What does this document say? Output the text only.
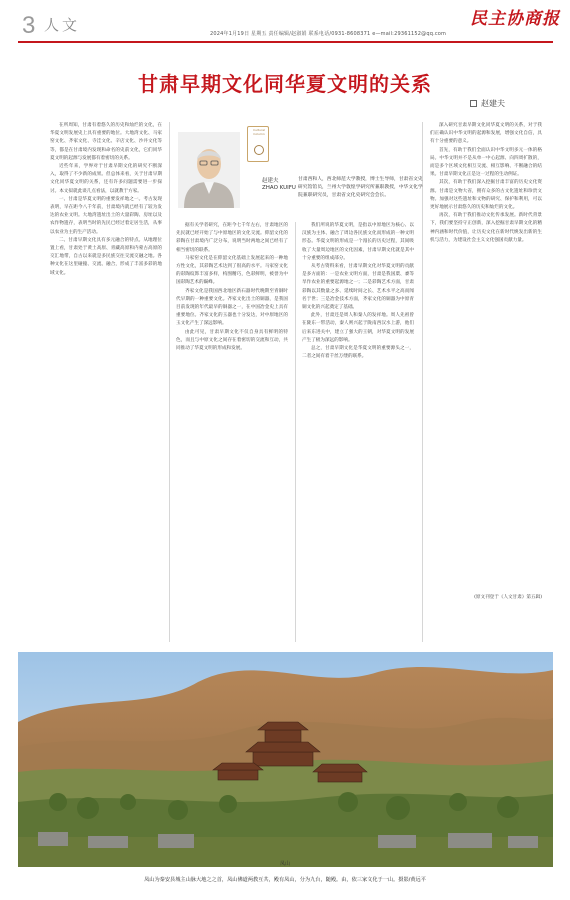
3 人文	2024年1月19日 星期五 责任编辑/赵淑娟 联系电话/0931-8608371 e—mail:29361152@qq.com
民主协商报
甘肃早期文化同华夏文明的关系
赵建夫
Cultural Column
赵建夫
ZHAO KUIFU
甘肃西和人，西北师范大学教授，博士生导师，甘肃省文史研究馆馆员，兰州大学敦煌学研究所兼职教授，中华文化学院兼职研究员，甘肃省文化史研究会会长。

在所周知，甘肃有着悠久的历史和灿烂的文化，在华夏文明发展史上具有重要的地位。大地湾文化、马家窑文化、齐家文化、寺洼文化、辛店文化、沙井文化等等，都是在甘肃境内发现和命名的史前文化，它们同华夏文明的起源与发展都有着密切的关系。

近些年来，学界对于甘肃早期文化的研究不断深入，取得了不少新的成果。但总体来看，关于甘肃早期文化同华夏文明的关系，还有许多问题需要进一步探讨。本文拟就此谈几点看法，以就教于方家。

一、甘肃是华夏文明的重要发祥地之一。考古发现表明，早在距今八千年前，甘肃境内就已经有了较为发达的农业文明。大地湾遗址出土的大量彩陶、房址以及农作物遗存，表明当时的先民已经过着定居生活，从事以农业为主的生产活动。

二、甘肃早期文化具有多元融合的特点。从地理位置上看，甘肃处于黄土高原、青藏高原和内蒙古高原的交汇地带，自古以来就是多民族交往交流交融之地。各种文化在这里碰撞、交流、融合，形成了丰富多彩的地域文化。

据有关学者研究，在距今七千年左右，甘肃地区的先民就已经开始了与中原地区的文化交流。仰韶文化的彩陶在甘肃境内广泛分布，说明当时两地之间已经有了相当密切的联系。

马家窑文化是在仰韶文化基础上发展起来的一种地方性文化，其彩陶艺术达到了很高的水平。马家窑文化的彩陶纹饰丰富多样，构图精巧，色彩鲜明，被誉为中国彩陶艺术的巅峰。

齐家文化是我国西北地区新石器时代晚期至青铜时代早期的一种重要文化。齐家文化出土的铜器，是我国目前发现的年代最早的铜器之一，在中国冶金史上具有重要地位。齐家文化的玉器也十分发达，对中原地区的玉文化产生了深远影响。

由此可见，甘肃早期文化不仅自身具有鲜明的特色，而且与中原文化之间存在着密切的交流和互动，共同推动了华夏文明的形成和发展。

我们所说的华夏文明，是指以中原地区为核心、以汉族为主体、融合了周边各民族文化而形成的一种文明形态。华夏文明的形成是一个漫长的历史过程，其间吸收了大量周边地区的文化因素，甘肃早期文化就是其中十分重要的组成部分。

从考古资料来看，甘肃早期文化对华夏文明的贡献是多方面的：一是农业文明方面，甘肃是我国粟、黍等旱作农业的重要起源地之一；二是彩陶艺术方面，甘肃彩陶以其数量之多、延续时间之长、艺术水平之高而闻名于世；三是冶金技术方面，齐家文化的铜器为中原青铜文化的兴起奠定了基础。

此外，甘肃还是周人和秦人的发祥地。周人先祖曾在陇东一带活动，秦人则兴起于陇南西汉水上游，他们后来东进关中，建立了强大的王朝，对华夏文明的发展产生了极为深远的影响。

总之，甘肃早期文化是华夏文明的重要源头之一，二者之间有着千丝万缕的联系。

深入研究甘肃早期文化同华夏文明的关系，对于我们正确认识中华文明的起源和发展，增强文化自信，具有十分重要的意义。

首先，有助于我们全面认识中华文明多元一体的格局。中华文明并不是从单一中心起源、向四周扩散的，而是多个区域文化相互交流、相互影响、不断融合的结果。甘肃早期文化正是这一过程的生动例证。

其次，有助于我们深入挖掘甘肃丰富的历史文化资源。甘肃是文物大省，拥有众多的古文化遗址和珍贵文物。加强对这些遗址和文物的研究、保护和利用，可以更好地展示甘肃悠久的历史和灿烂的文化。

再次，有助于我们推动文化传承发展。新时代背景下，我们要坚持守正创新，深入挖掘甘肃早期文化的精神内涵和时代价值，让历史文化在新时代焕发出新的生机与活力，为建设社会主义文化强国贡献力量。

(原文刊登于《人文甘肃》第五辑)
凤山
凤山为秦安县城主山脉大地之之首，凤山佛道两教互共，殿有凤山，分为九台，随殿。由，依三家文化于一山。摄影/黄远平
